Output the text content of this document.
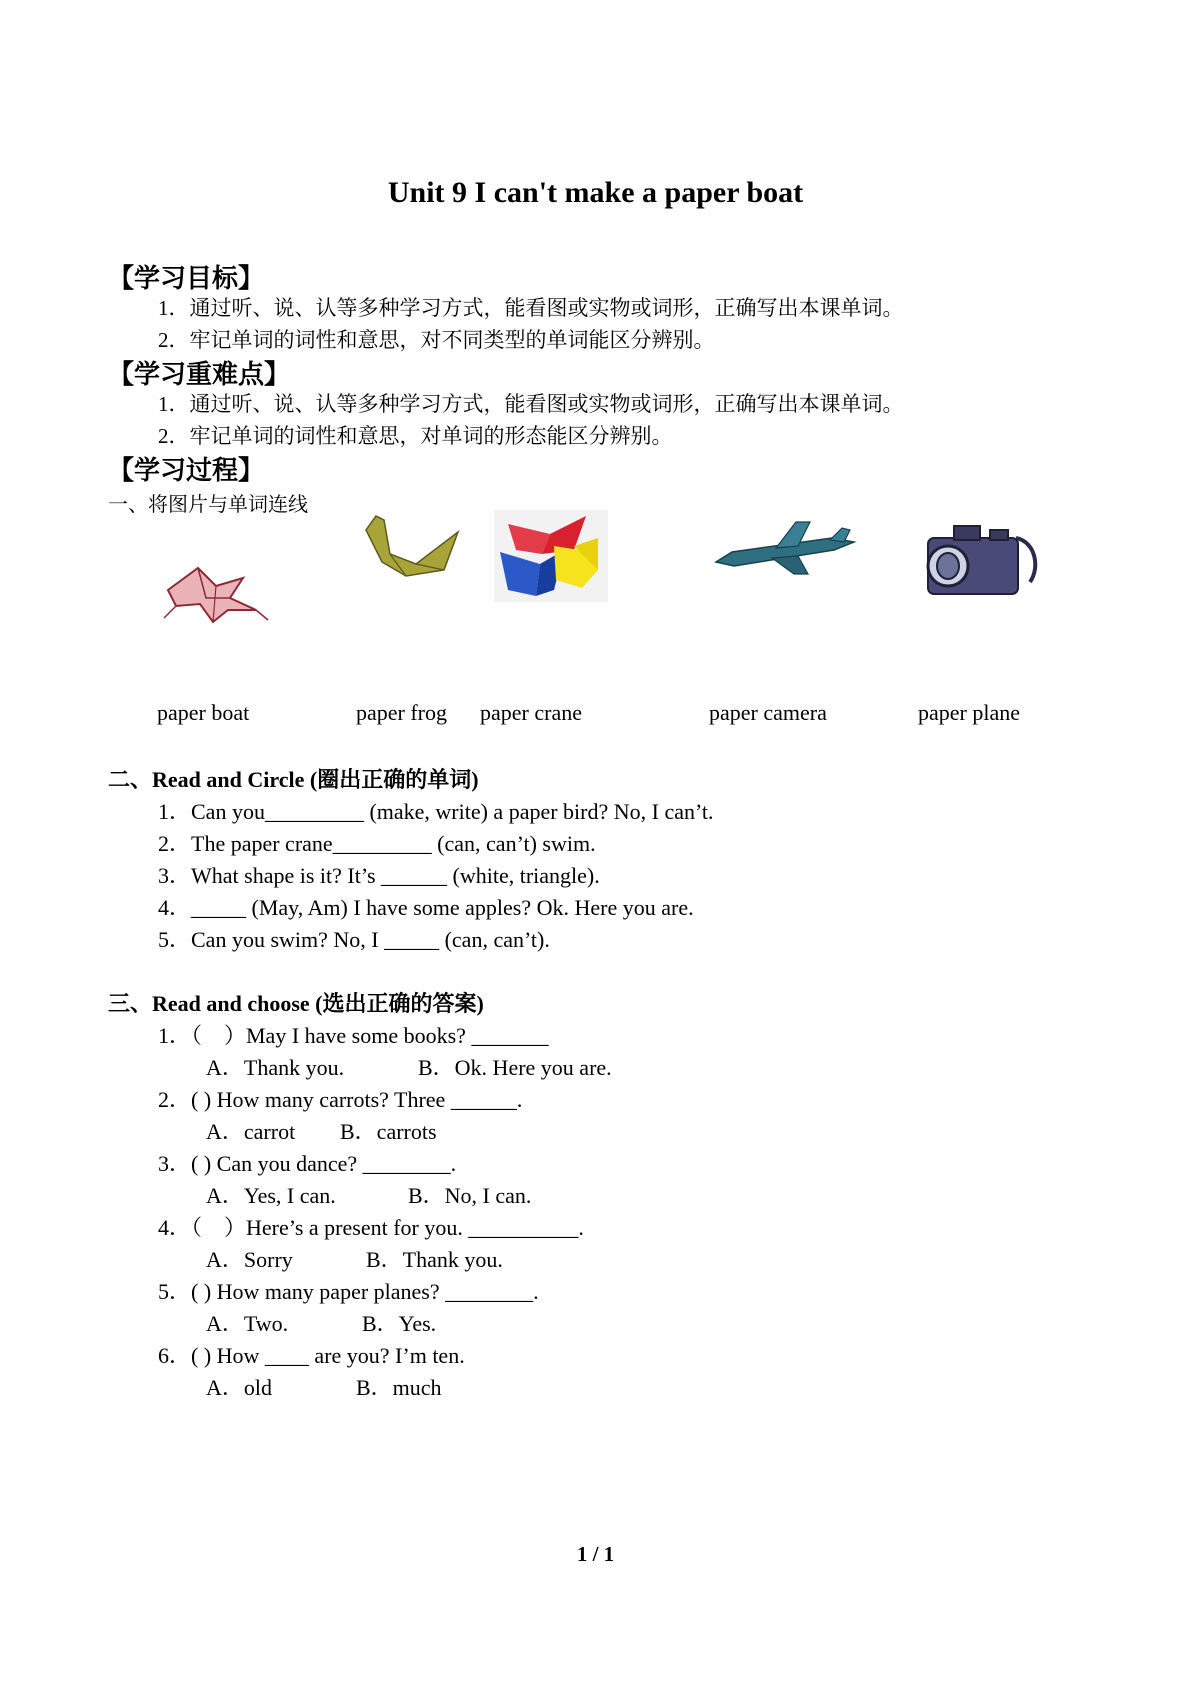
Unit 9 I can't make a paper boat
【学习目标】
1．通过听、说、认等多种学习方式，能看图或实物或词形，正确写出本课单词。
2．牢记单词的词性和意思，对不同类型的单词能区分辨别。
【学习重难点】
1．通过听、说、认等多种学习方式，能看图或实物或词形，正确写出本课单词。
2．牢记单词的词性和意思，对单词的形态能区分辨别。
【学习过程】
一、将图片与单词连线
paper boat	paper frog paper crane	paper camera	paper plane
二、Read and Circle (圈出正确的单词)
1．Can you_________ (make, write) a paper bird? No, I can’t.
2．The paper crane_________ (can, can’t) swim.
3．What shape is it? It’s ______ (white, triangle).
4．_____ (May, Am) I have some apples? Ok. Here you are.
5．Can you swim? No, I _____ (can, can’t).
三、Read and choose (选出正确的答案)
1．（　）May I have some books? _______
A．Thank you.	B．Ok. Here you are.
2．( ) How many carrots? Three ______.
A．carrot B．carrots
3．( ) Can you dance? ________.
A．Yes, I can.	B．No, I can.
4．（　）Here’s a present for you. __________.
A．Sorry	B．Thank you.
5．( ) How many paper planes? ________.
A．Two.	B．Yes.
6．( ) How ____ are you? I’m ten.
A．old	B．much
1 / 1
